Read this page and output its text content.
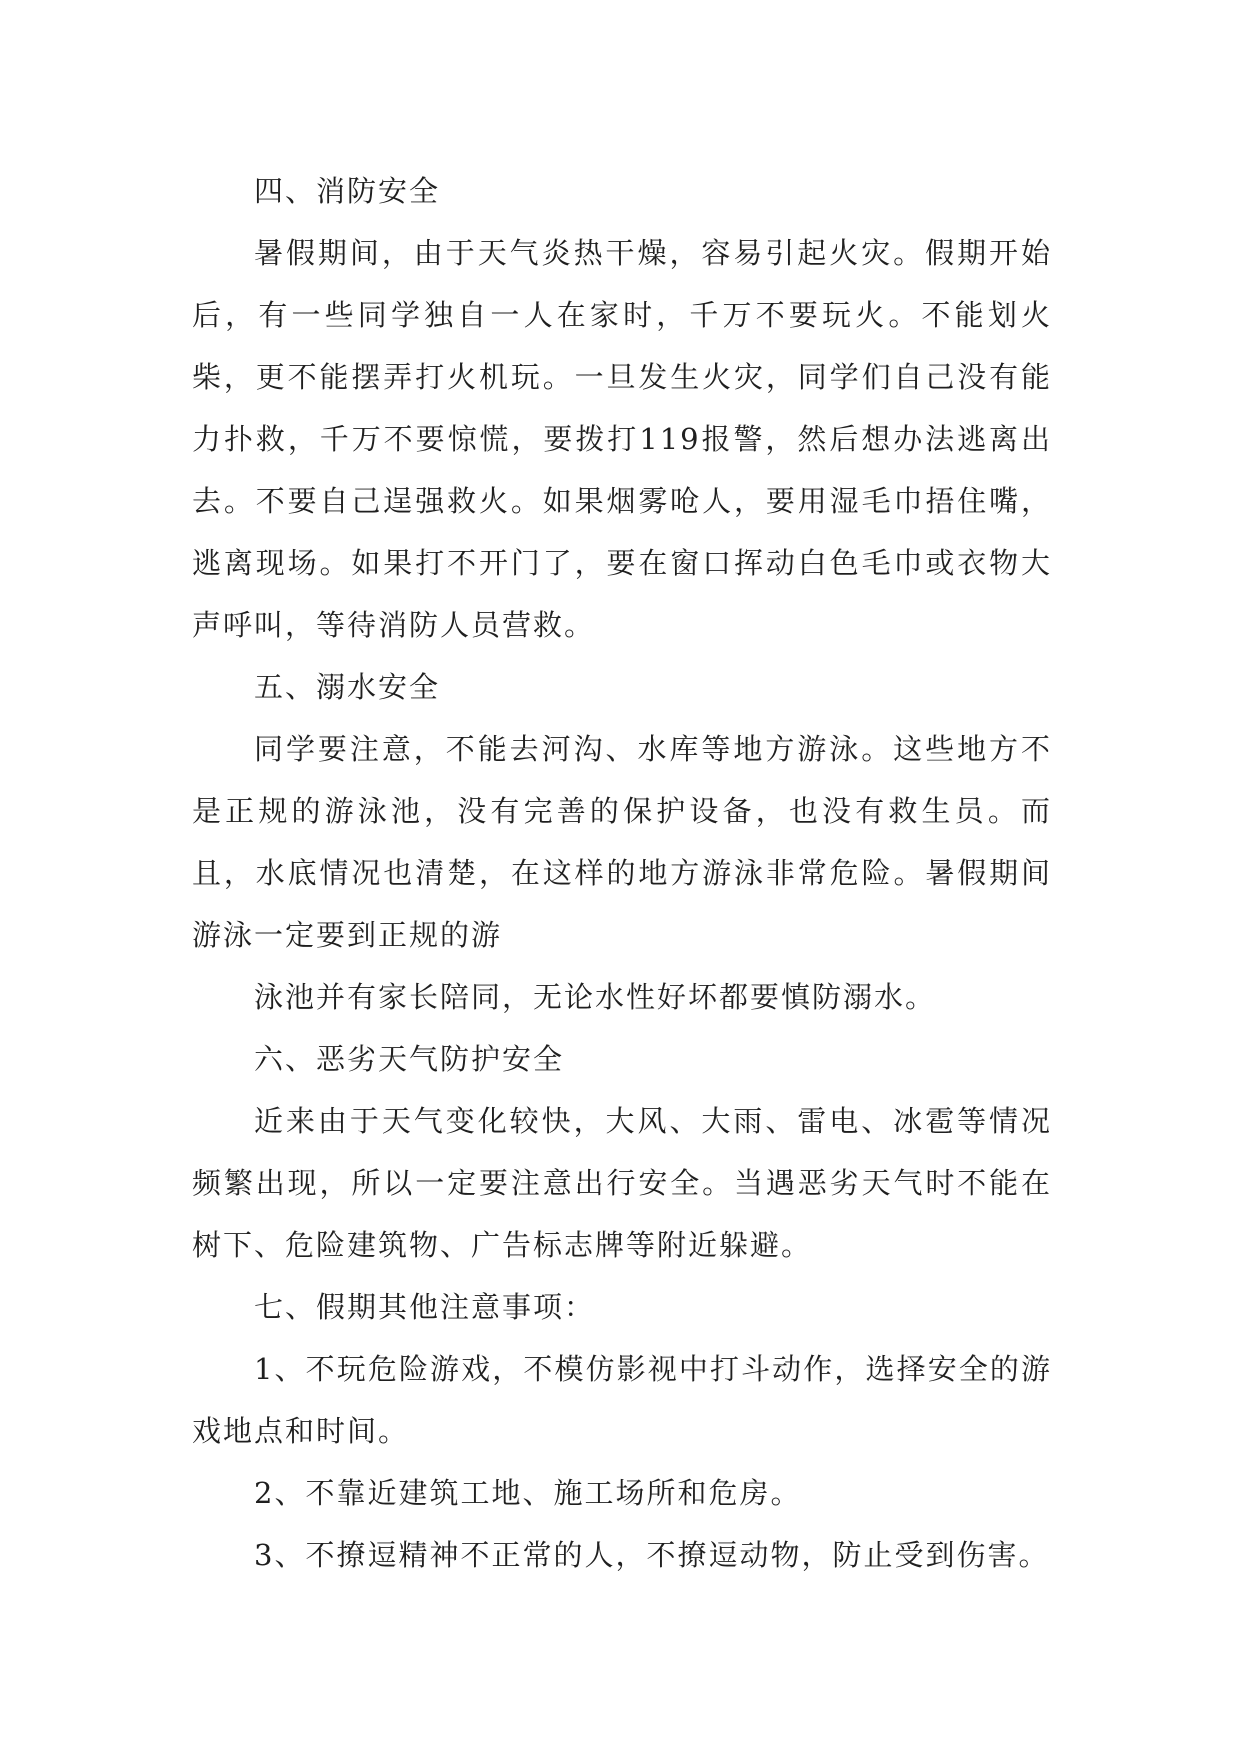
四、消防安全

暑假期间，由于天气炎热干燥，容易引起火灾。假期开始后，有一些同学独自一人在家时，千万不要玩火。不能划火柴，更不能摆弄打火机玩。一旦发生火灾，同学们自己没有能力扑救，千万不要惊慌，要拨打119报警，然后想办法逃离出去。不要自己逞强救火。如果烟雾呛人，要用湿毛巾捂住嘴，逃离现场。如果打不开门了，要在窗口挥动白色毛巾或衣物大声呼叫，等待消防人员营救。

五、溺水安全

同学要注意，不能去河沟、水库等地方游泳。这些地方不是正规的游泳池，没有完善的保护设备，也没有救生员。而且，水底情况也清楚，在这样的地方游泳非常危险。暑假期间游泳一定要到正规的游

泳池并有家长陪同，无论水性好坏都要慎防溺水。

六、恶劣天气防护安全

近来由于天气变化较快，大风、大雨、雷电、冰雹等情况频繁出现，所以一定要注意出行安全。当遇恶劣天气时不能在树下、危险建筑物、广告标志牌等附近躲避。

七、假期其他注意事项：

1、不玩危险游戏，不模仿影视中打斗动作，选择安全的游戏地点和时间。

2、不靠近建筑工地、施工场所和危房。

3、不撩逗精神不正常的人，不撩逗动物，防止受到伤害。
